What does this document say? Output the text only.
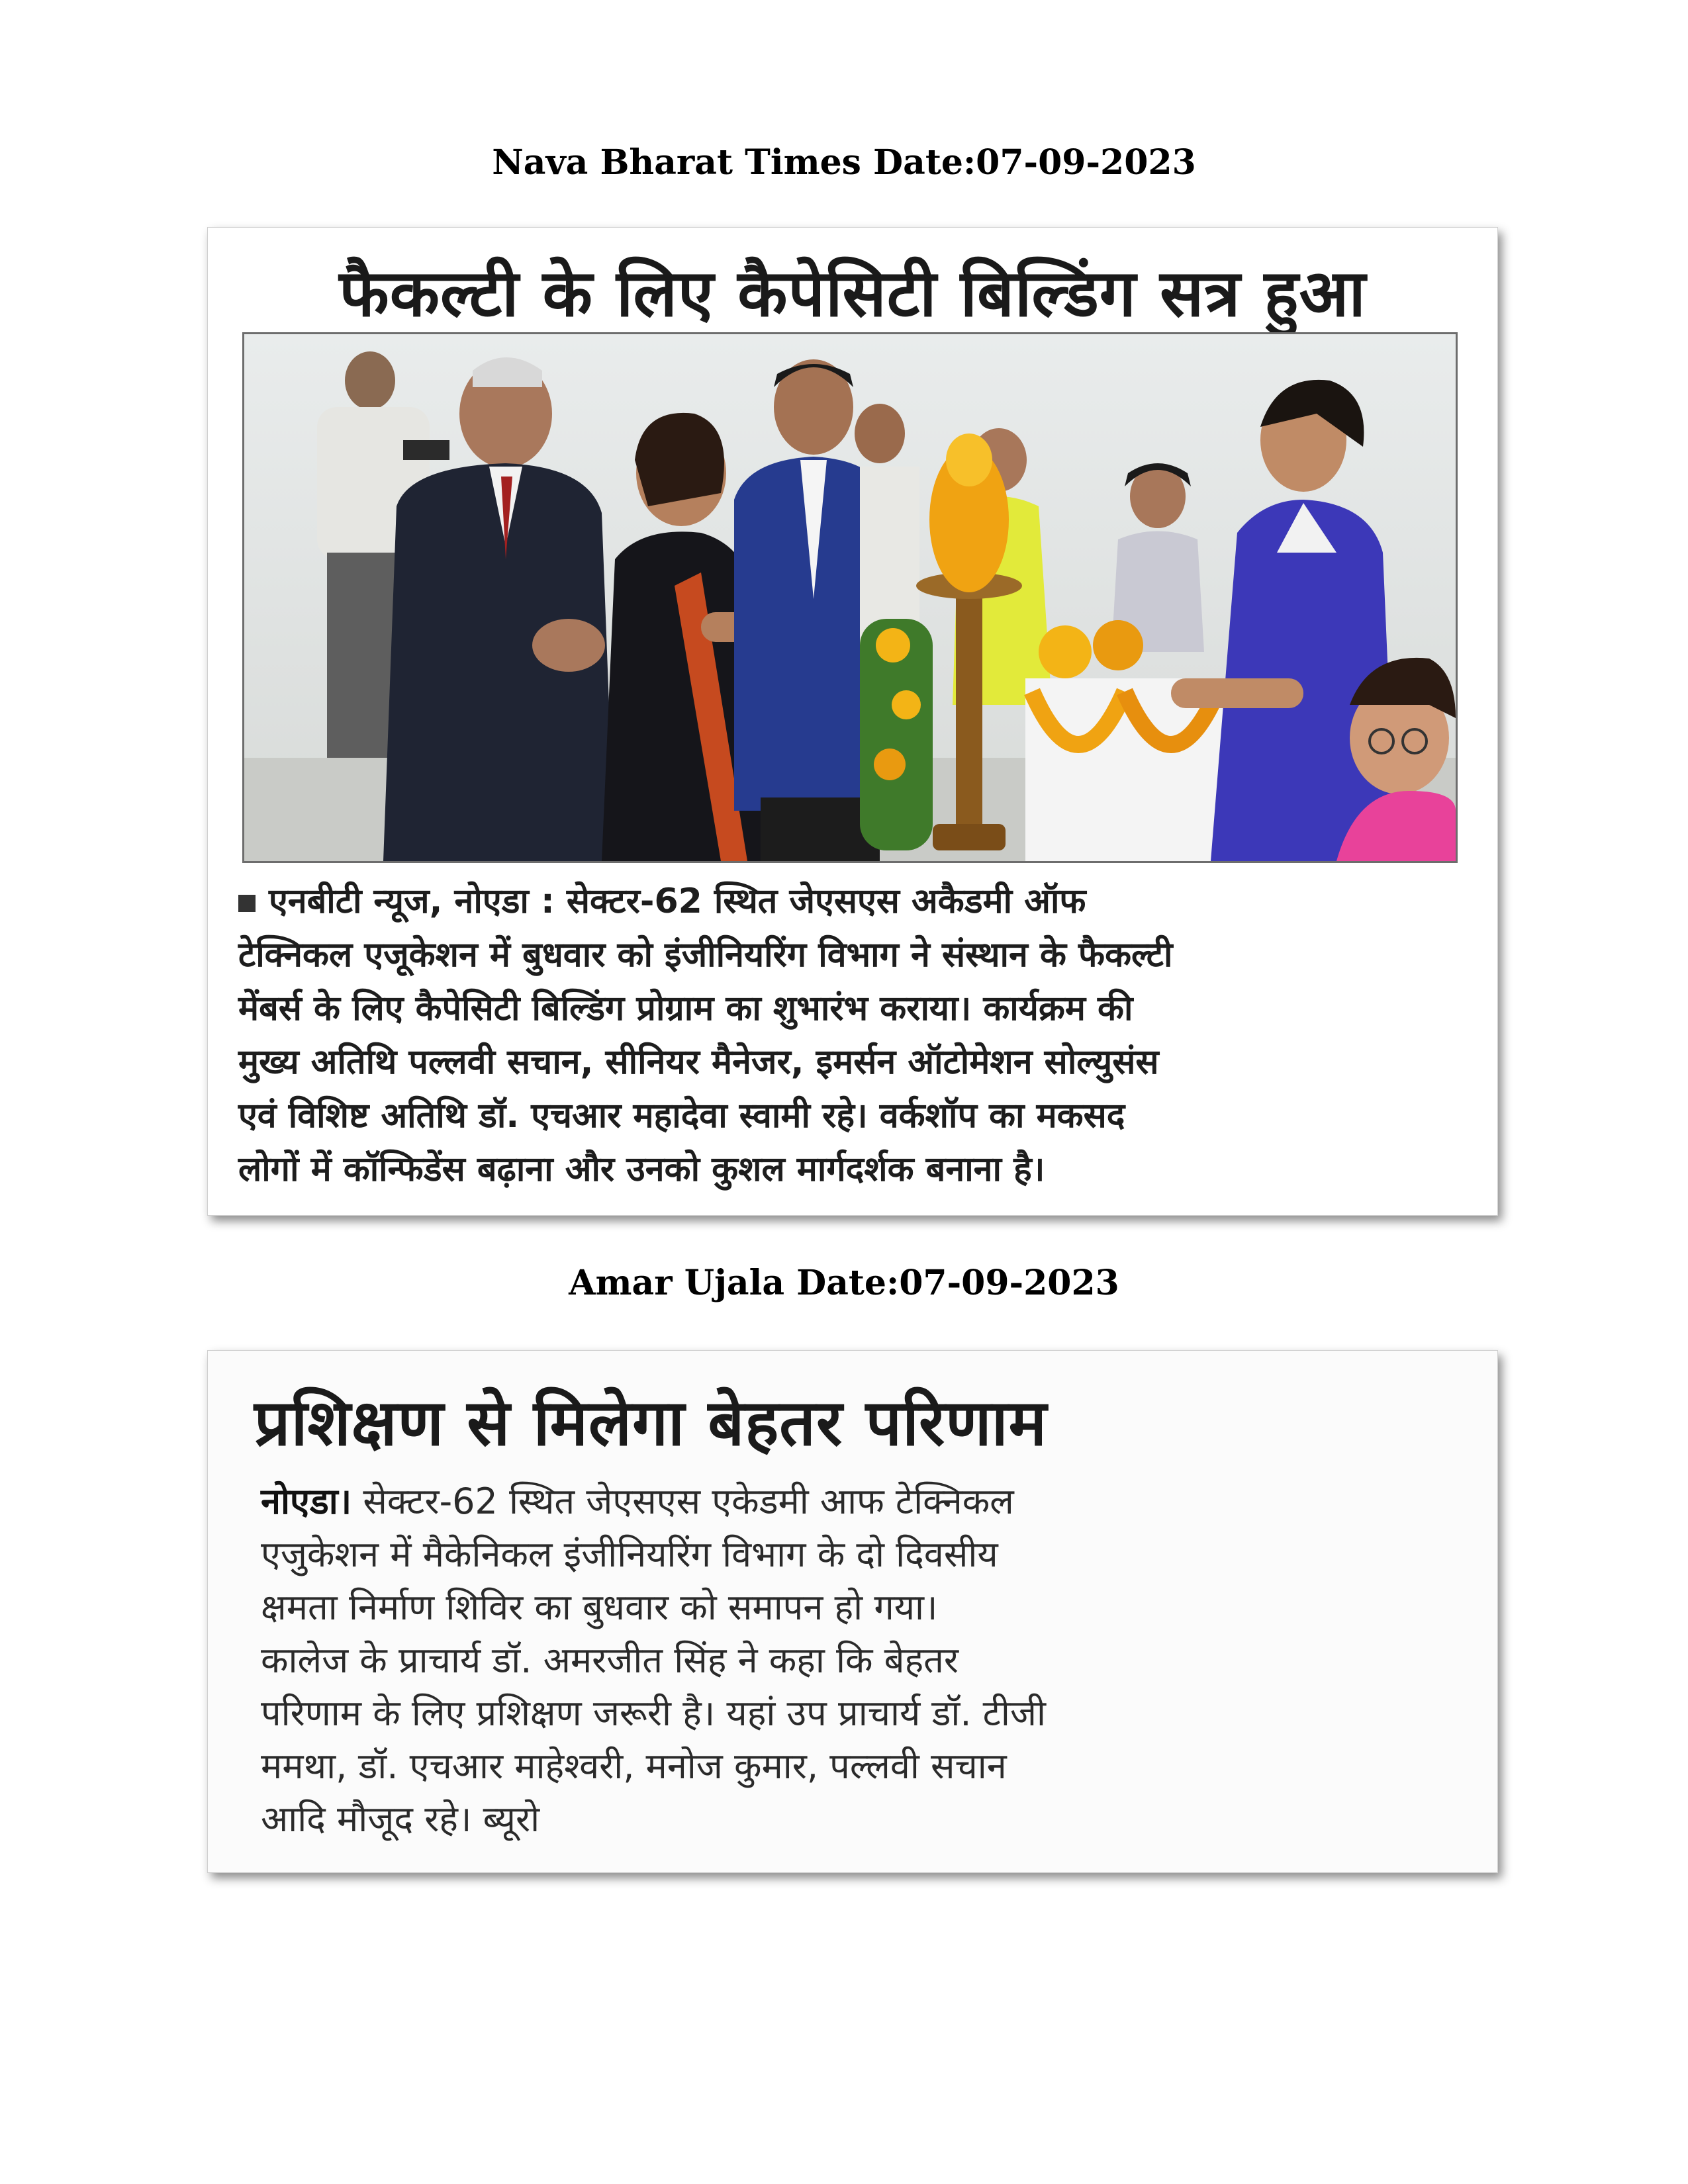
Nava Bharat Times Date:07-09-2023
फैकल्टी के लिए कैपेसिटी बिल्डिंग सत्र हुआ
एनबीटी न्यूज, नोएडा : सेक्टर-62 स्थित जेएसएस अकैडमी ऑफ
टेक्निकल एजूकेशन में बुधवार को इंजीनियरिंग विभाग ने संस्थान के फैकल्टी
मेंबर्स के लिए कैपेसिटी बिल्डिंग प्रोग्राम का शुभारंभ कराया। कार्यक्रम की
मुख्य अतिथि पल्लवी सचान, सीनियर मैनेजर, इमर्सन ऑटोमेशन सोल्युसंस
एवं विशिष्ट अतिथि डॉ. एचआर महादेवा स्वामी रहे। वर्कशॉप का मकसद
लोगों में कॉन्फिडेंस बढ़ाना और उनको कुशल मार्गदर्शक बनाना है।
Amar Ujala Date:07-09-2023
प्रशिक्षण से मिलेगा बेहतर परिणाम
नोएडा। सेक्टर-62 स्थित जेएसएस एकेडमी आफ टेक्निकल
एजुकेशन में मैकेनिकल इंजीनियरिंग विभाग के दो दिवसीय
क्षमता निर्माण शिविर का बुधवार को समापन हो गया।
कालेज के प्राचार्य डॉ. अमरजीत सिंह ने कहा कि बेहतर
परिणाम के लिए प्रशिक्षण जरूरी है। यहां उप प्राचार्य डॉ. टीजी
ममथा, डॉ. एचआर माहेश्वरी, मनोज कुमार, पल्लवी सचान
आदि मौजूद रहे। ब्यूरो
